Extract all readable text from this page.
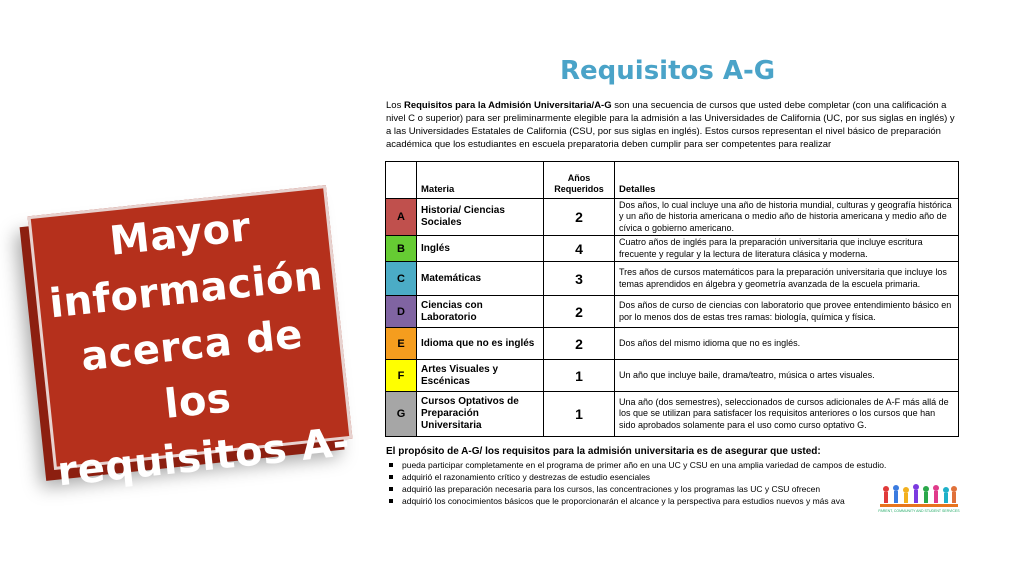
Mayor
información
acerca de los
requisitos A-G
Requisitos A-G
Los Requisitos para la Admisión Universitaria/A-G son una secuencia de cursos que usted debe completar (con una calificación a nivel C o superior) para ser preliminarmente elegible para la admisión a las Universidades de California (UC, por sus siglas en inglés) y a las Universidades Estatales de California (CSU, por sus siglas en inglés). Estos cursos representan el nivel básico de preparación académica que los estudiantes en escuela preparatoria deben cumplir para ser competentes para realizar
	Materia	Años Requeridos	Detalles
A	Historia/ Ciencias Sociales	2	Dos años, lo cual incluye una año de historia mundial, culturas y geografía histórica y un año de historia americana o medio año de historia americana y medio año de cívica o gobierno americano.
B	Inglés	4	Cuatro años de inglés para la preparación universitaria que incluye escritura frecuente y regular y la lectura de literatura clásica y moderna.
C	Matemáticas	3	Tres años de cursos matemáticos para la preparación universitaria que incluye los temas aprendidos en álgebra y geometría avanzada de la escuela primaria.
D	Ciencias con Laboratorio	2	Dos años de curso de ciencias con laboratorio que provee entendimiento básico en por lo menos dos de estas tres ramas: biología, química y física.
E	Idioma que no es inglés	2	Dos años del mismo idioma que no es inglés.
F	Artes Visuales y Escénicas	1	Un año que incluye baile, drama/teatro, música o artes visuales.
G	Cursos Optativos de Preparación Universitaria	1	Una año (dos semestres), seleccionados de cursos adicionales de A-F más allá de los que se utilizan para satisfacer los requisitos anteriores o los cursos que han sido aprobados solamente para el uso como curso optativo G.
El propósito de A-G/ los requisitos para la admisión universitaria es de asegurar que usted:
pueda participar completamente en el programa de primer año en una UC y CSU en una amplia variedad de campos de estudio.
adquirió el razonamiento crítico y destrezas de estudio esenciales
adquirió las preparación necesaria para los cursos, las concentraciones y los programas las UC y CSU ofrecen
adquirió los conocimientos básicos que le proporcionarán el alcance y la perspectiva para estudios nuevos y más ava
PARENT, COMMUNITY AND STUDENT SERVICES
